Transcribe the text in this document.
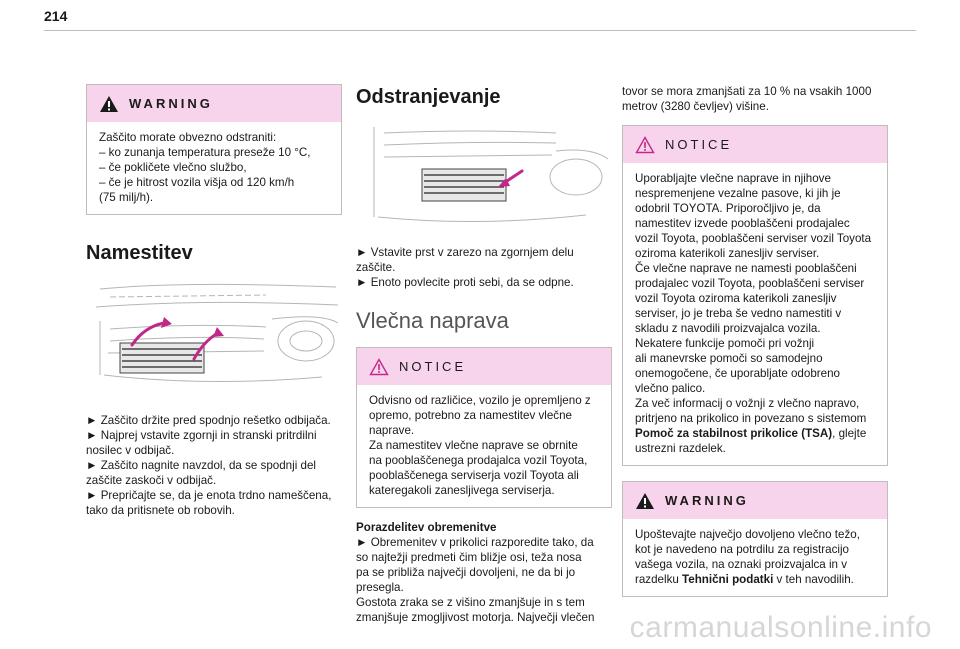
214
WARNING
Zaščito morate obvezno odstraniti:
– ko zunanja temperatura preseže 10 °C,
– če pokličete vlečno službo,
– če je hitrost vozila višja od 120 km/h
(75 milj/h).
Namestitev
► Zaščito držite pred spodnjo rešetko odbijača.
► Najprej vstavite zgornji in stranski pritrdilni
nosilec v odbijač.
► Zaščito nagnite navzdol, da se spodnji del
zaščite zaskoči v odbijač.
► Prepričajte se, da je enota trdno nameščena,
tako da pritisnete ob robovih.
Odstranjevanje
► Vstavite prst v zarezo na zgornjem delu
zaščite.
► Enoto povlecite proti sebi, da se odpne.
Vlečna naprava
NOTICE
Odvisno od različice, vozilo je opremljeno z
opremo, potrebno za namestitev vlečne
naprave.
Za namestitev vlečne naprave se obrnite
na pooblaščenega prodajalca vozil Toyota,
pooblaščenega serviserja vozil Toyota ali
kateregakoli zanesljivega serviserja.
Porazdelitev obremenitve
► Obremenitev v prikolici razporedite tako, da
so najtežji predmeti čim bližje osi, teža nosa
pa se približa največji dovoljeni, ne da bi jo
presegla.
Gostota zraka se z višino zmanjšuje in s tem
zmanjšuje zmogljivost motorja. Največji vlečen
tovor se mora zmanjšati za 10 % na vsakih 1000
metrov (3280 čevljev) višine.
NOTICE
Uporabljajte vlečne naprave in njihove
nespremenjene vezalne pasove, ki jih je
odobril TOYOTA. Priporočljivo je, da
namestitev izvede pooblaščeni prodajalec
vozil Toyota, pooblaščeni serviser vozil Toyota
oziroma katerikoli zanesljiv serviser.
Če vlečne naprave ne namesti pooblaščeni
prodajalec vozil Toyota, pooblaščeni serviser
vozil Toyota oziroma katerikoli zanesljiv
serviser, jo je treba še vedno namestiti v
skladu z navodili proizvajalca vozila.
Nekatere funkcije pomoči pri vožnji
ali manevrske pomoči so samodejno
onemogočene, če uporabljate odobreno
vlečno palico.
Za več informacij o vožnji z vlečno napravo,
pritrjeno na prikolico in povezano s sistemom
Pomoč za stabilnost prikolice (TSA), glejte
ustrezni razdelek.
WARNING
Upoštevajte največjo dovoljeno vlečno težo,
kot je navedeno na potrdilu za registracijo
vašega vozila, na oznaki proizvajalca in v
razdelku Tehnični podatki v teh navodilih.
carmanualsonline.info
